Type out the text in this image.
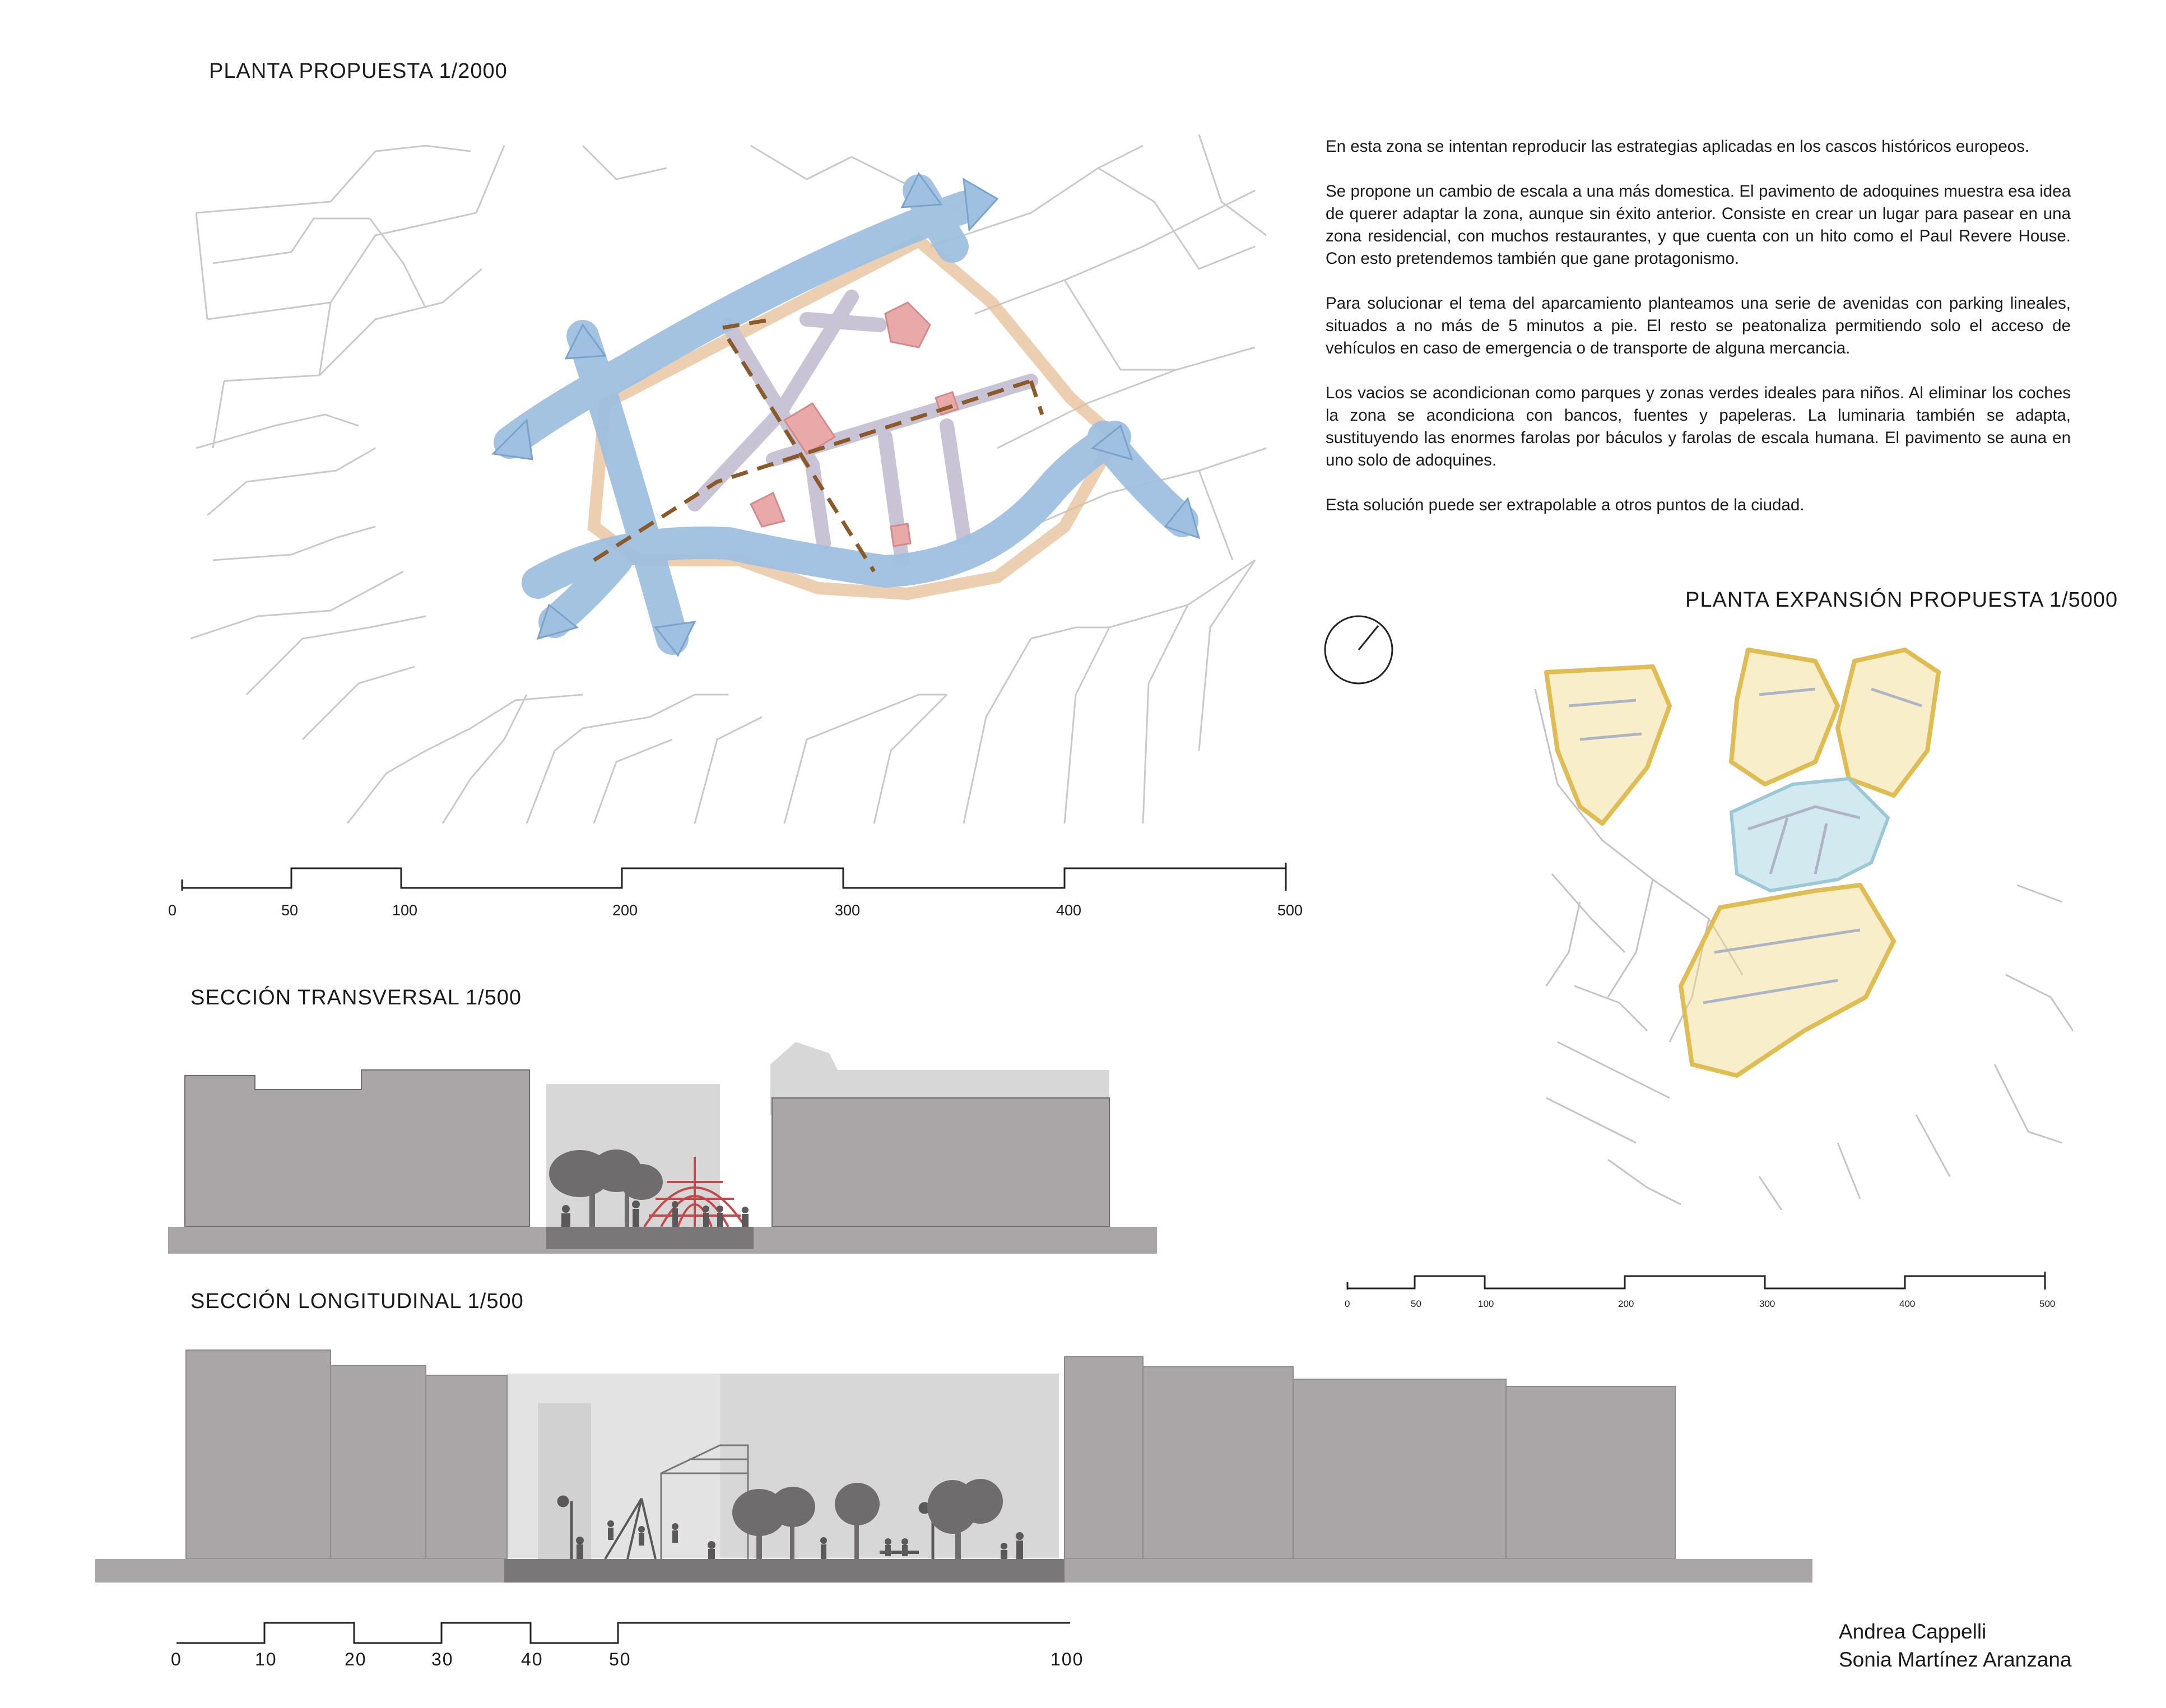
PLANTA PROPUESTA 1/2000
PLANTA EXPANSIÓN PROPUESTA 1/5000
SECCIÓN TRANSVERSAL 1/500
SECCIÓN LONGITUDINAL 1/500

En esta zona se intentan reproducir las estrategias aplicadas en los cascos históricos europeos.

Se propone un cambio de escala a una más domestica. El pavimento de adoquines muestra esa idea de querer adaptar la zona, aunque sin éxito anterior. Consiste en crear un lugar para pasear en una zona residencial, con muchos restaurantes, y que cuenta con un hito como el Paul Revere House. Con esto pretendemos también que gane protagonismo.

Para solucionar el tema del aparcamiento planteamos una serie de avenidas con parking lineales, situados a no más de 5 minutos a pie. El resto se peatonaliza permitiendo solo el acceso de vehículos en caso de emergencia o de transporte de alguna mercancia.

Los vacios se acondicionan como parques y zonas verdes ideales para niños. Al eliminar los coches la zona se acondiciona con bancos, fuentes y papeleras. La luminaria también se adapta, sustituyendo las enormes farolas por báculos y farolas de escala humana. El pavimento se auna en uno solo de adoquines.

Esta solución puede ser extrapolable a otros puntos de la ciudad.

0	50	100	200	300	400	500
0	50	100	200	300	400	500
0	10	20	30	40	50	100
Andrea Cappelli
Sonia Martínez Aranzana
